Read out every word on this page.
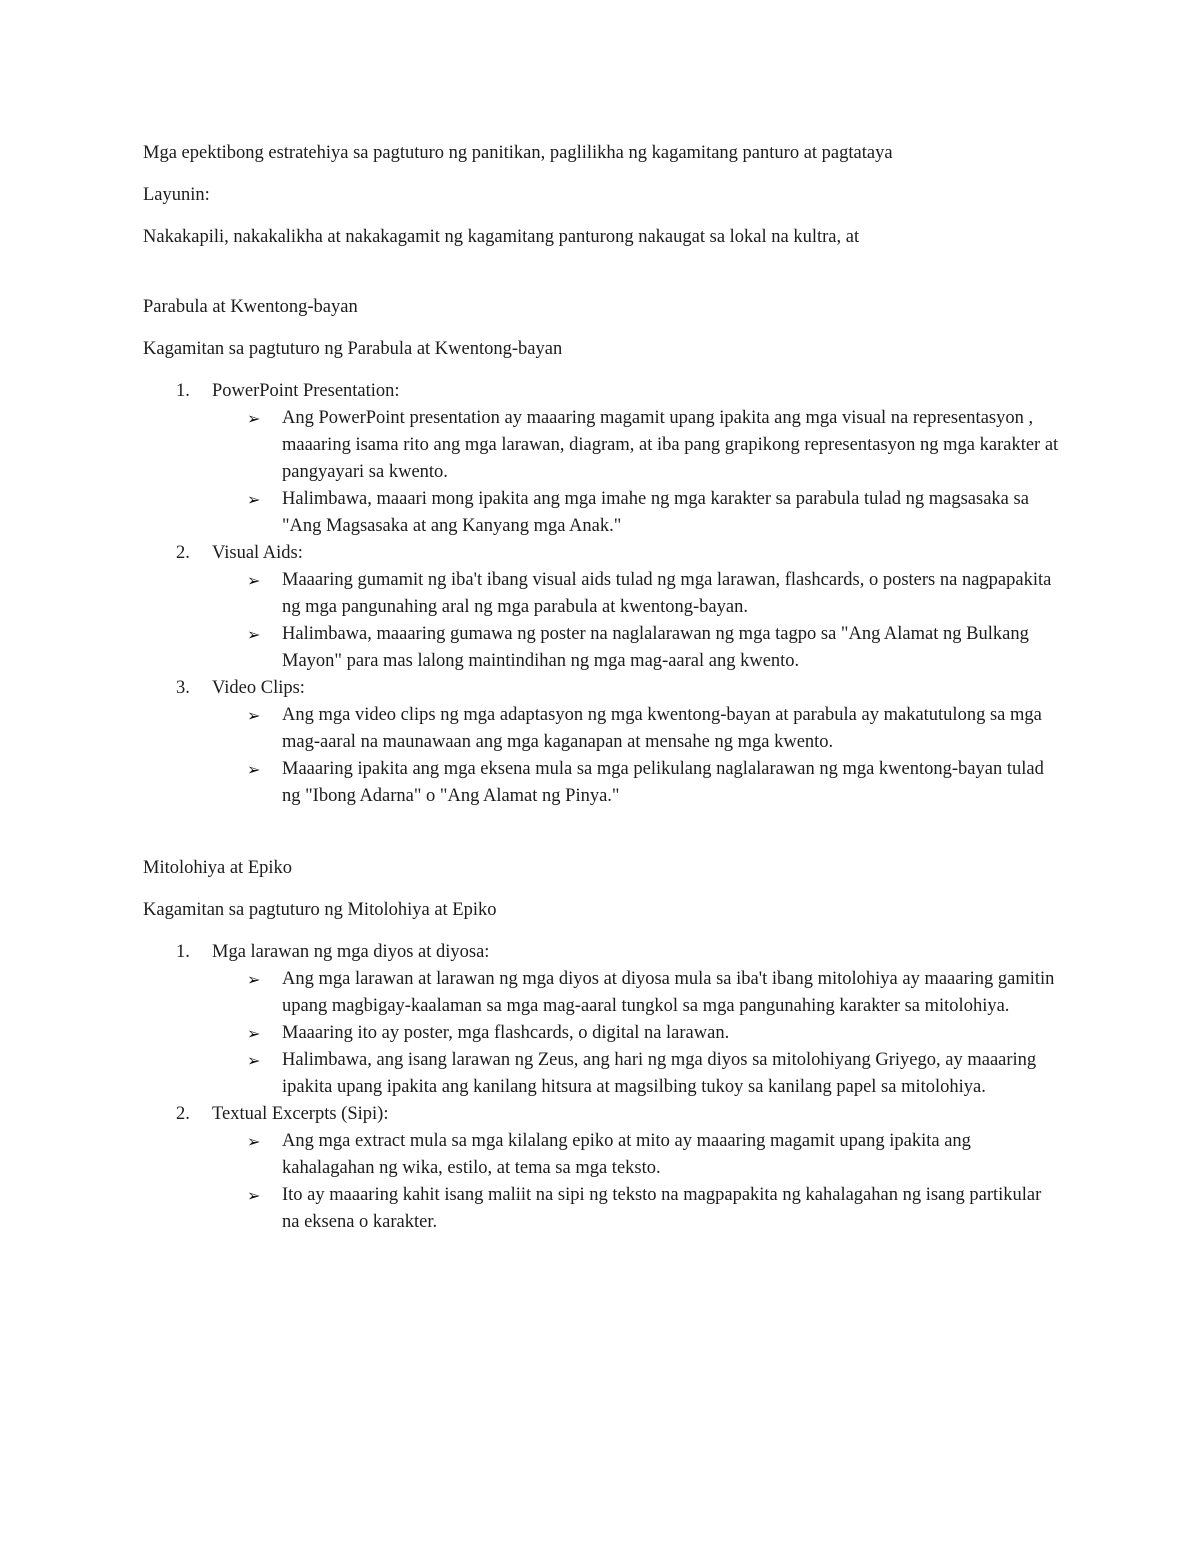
Mga epektibong estratehiya sa pagtuturo ng panitikan, paglilikha ng kagamitang panturo at pagtataya

Layunin:

Nakakapili, nakakalikha at nakakagamit ng kagamitang panturong nakaugat sa lokal na kultra, at

Parabula at Kwentong-bayan

Kagamitan sa pagtuturo ng Parabula at Kwentong-bayan

1. PowerPoint Presentation:
➢ Ang PowerPoint presentation ay maaaring magamit upang ipakita ang mga visual na representasyon , maaaring isama rito ang mga larawan, diagram, at iba pang grapikong representasyon ng mga karakter at pangyayari sa kwento.
➢ Halimbawa, maaari mong ipakita ang mga imahe ng mga karakter sa parabula tulad ng magsasaka sa "Ang Magsasaka at ang Kanyang mga Anak."
2. Visual Aids:
➢ Maaaring gumamit ng iba't ibang visual aids tulad ng mga larawan, flashcards, o posters na nagpapakita ng mga pangunahing aral ng mga parabula at kwentong-bayan.
➢ Halimbawa, maaaring gumawa ng poster na naglalarawan ng mga tagpo sa "Ang Alamat ng Bulkang Mayon" para mas lalong maintindihan ng mga mag-aaral ang kwento.
3. Video Clips:
➢ Ang mga video clips ng mga adaptasyon ng mga kwentong-bayan at parabula ay makatutulong sa mga mag-aaral na maunawaan ang mga kaganapan at mensahe ng mga kwento.
➢ Maaaring ipakita ang mga eksena mula sa mga pelikulang naglalarawan ng mga kwentong-bayan tulad ng "Ibong Adarna" o "Ang Alamat ng Pinya."

Mitolohiya at Epiko

Kagamitan sa pagtuturo ng Mitolohiya at Epiko

1. Mga larawan ng mga diyos at diyosa:
➢ Ang mga larawan at larawan ng mga diyos at diyosa mula sa iba't ibang mitolohiya ay maaaring gamitin upang magbigay-kaalaman sa mga mag-aaral tungkol sa mga pangunahing karakter sa mitolohiya.
➢ Maaaring ito ay poster, mga flashcards, o digital na larawan.
➢ Halimbawa, ang isang larawan ng Zeus, ang hari ng mga diyos sa mitolohiyang Griyego, ay maaaring ipakita upang ipakita ang kanilang hitsura at magsilbing tukoy sa kanilang papel sa mitolohiya.
2. Textual Excerpts (Sipi):
➢ Ang mga extract mula sa mga kilalang epiko at mito ay maaaring magamit upang ipakita ang kahalagahan ng wika, estilo, at tema sa mga teksto.
➢ Ito ay maaaring kahit isang maliit na sipi ng teksto na magpapakita ng kahalagahan ng isang partikular na eksena o karakter.
